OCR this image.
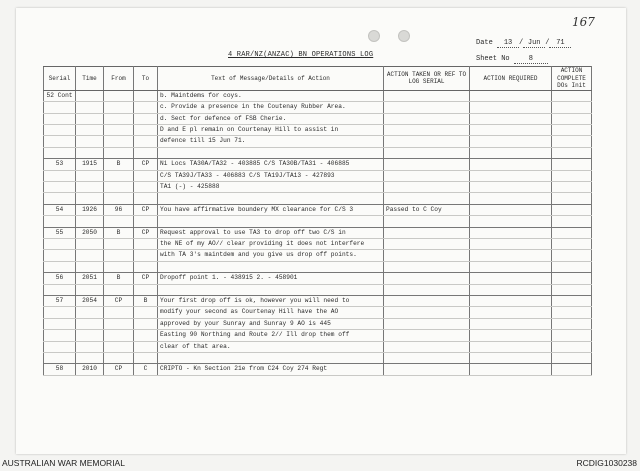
167
4 RAR/NZ(ANZAC) BN OPERATIONS LOG
Date 13 / Jun / 71
Sheet No	8
Serial	Time	From	To	Text of Message/Details of Action	ACTION TAKEN OR REF TO LOG SERIAL	ACTION REQUIRED	ACTION COMPLETE DOs Init
52 Cont				b. Maintdems for coys.			
				c. Provide a presence in the Coutenay Rubber Area.			
				d. Sect for defence of FSB Cherie.			
				D and E pl remain on Courtenay Hill to assist in			
				defence till 15 Jun 71.			

53	1915	B	CP	Ni Locs TA30A/TA32 - 403885 C/S TA30B/TA31 - 406885			
				C/S TA39J/TA33 - 406883 C/S TA19J/TA13 - 427893			
				TA1 (-) - 425888			

54	1926	96	CP	You have affirmative boundery MX clearance for C/S 3	Passed to C Coy		

55	2050	B	CP	Request approval to use TA3 to drop off two C/S in			
				the NE of my AO// clear providing it does not interfere			
				with TA 3's maintdem and you give us drop off points.			

56	2051	B	CP	Dropoff point 1. - 438915 2. - 458901			

57	2054	CP	B	Your first drop off is ok, however you will need to			
				modify your second as Courtenay Hill have the AO			
				approved by your Sunray and Sunray 9 AO is 445			
				Easting 90 Northing and Route 2// Ill drop them off			
				clear of that area.			

58	2010	CP	C	CRIPTO - Kn Section 21e from C24 Coy 274 Regt			
AUSTRALIAN WAR MEMORIAL	RCDIG1030238
